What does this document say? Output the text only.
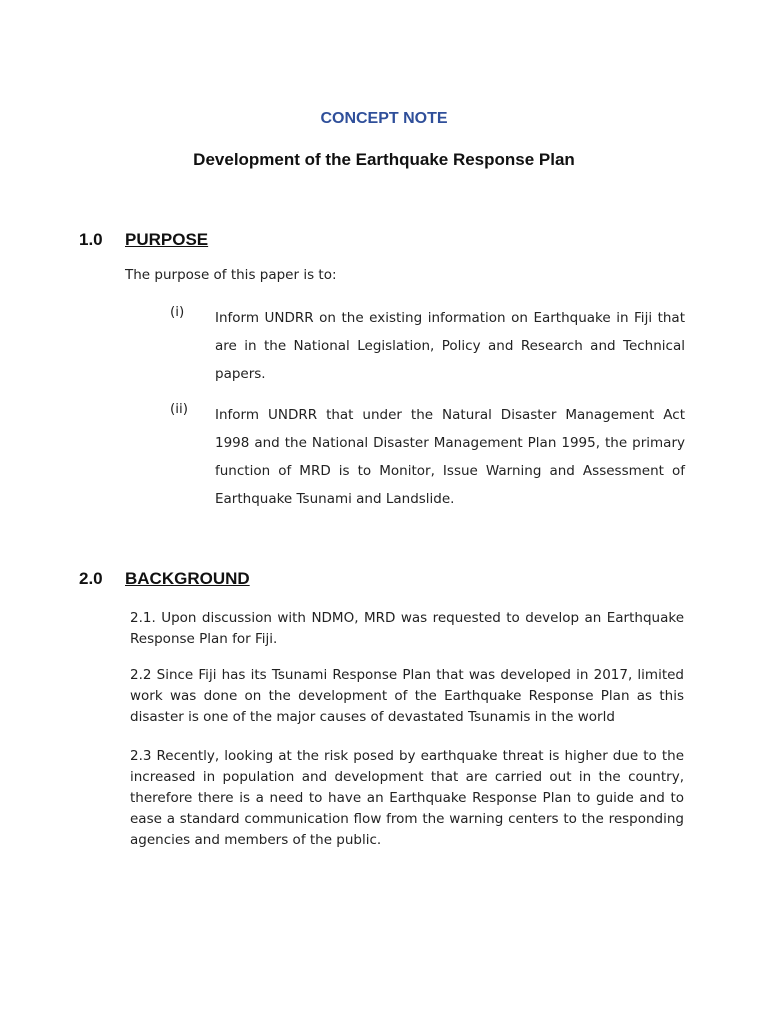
CONCEPT NOTE
Development of the Earthquake Response Plan
1.0 PURPOSE
The purpose of this paper is to:
(i) Inform UNDRR on the existing information on Earthquake in Fiji that are in the National Legislation, Policy and Research and Technical papers.
(ii) Inform UNDRR that under the Natural Disaster Management Act 1998 and the National Disaster Management Plan 1995, the primary function of MRD is to Monitor, Issue Warning and Assessment of Earthquake Tsunami and Landslide.
2.0 BACKGROUND
2.1. Upon discussion with NDMO, MRD was requested to develop an Earthquake Response Plan for Fiji.
2.2 Since Fiji has its Tsunami Response Plan that was developed in 2017, limited work was done on the development of the Earthquake Response Plan as this disaster is one of the major causes of devastated Tsunamis in the world
2.3 Recently, looking at the risk posed by earthquake threat is higher due to the increased in population and development that are carried out in the country, therefore there is a need to have an Earthquake Response Plan to guide and to ease a standard communication flow from the warning centers to the responding agencies and members of the public.
